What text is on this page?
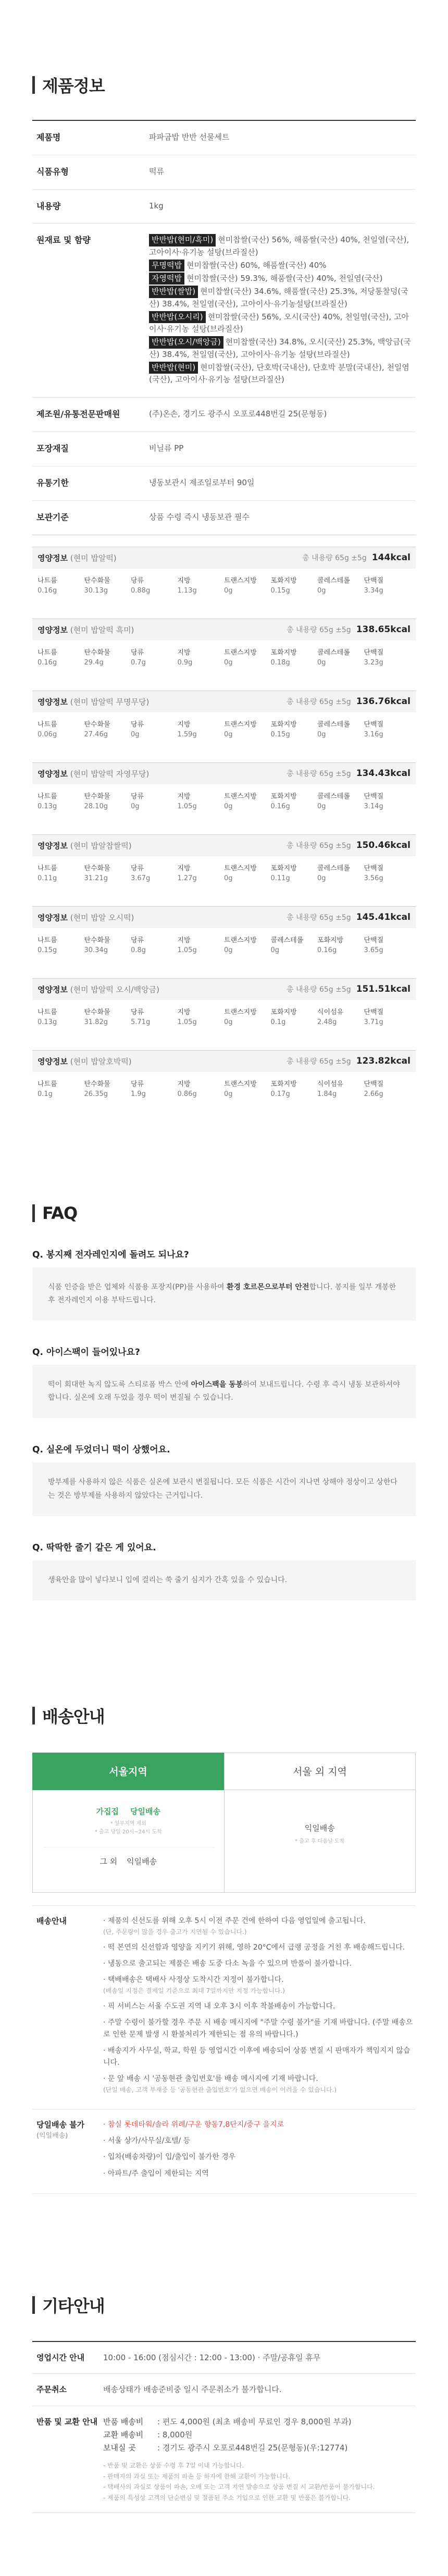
제품정보
제품명	파파굽밥 반반 선물세트
식품유형	떡류
내용량	1kg
원재료 및 함량	반반밥(현미/흑미) 현미찹쌀(국산) 56%, 해품쌀(국산) 40%, 천일염(국산), 고아이사·유기농 설탕(브라질산)
무명떡밥 현미찹쌀(국산) 60%, 해품쌀(국산) 40%
자영떡밥 현미찹쌀(국산) 59.3%, 해품쌀(국산) 40%, 천일염(국산)
반반밥(쌀밥) 현미찹쌀(국산) 34.6%, 해품쌀(국산) 25.3%, 저당통찰덩(국산) 38.4%, 천일염(국산), 고아이사·유기농설탕(브라질산)
반반밥(오시리) 현미찹쌀(국산) 56%, 오시(국산) 40%, 천일염(국산), 고아이사·유기농 설탕(브라질산)
반반밥(오시/백앙금) 현미찹쌀(국산) 34.8%, 오시(국산) 25.3%, 백앙금(국산) 38.4%, 천일염(국산), 고아이사·유기농 설탕(브라질산)
반반밥(현미) 현미찹쌀(국산), 단호박(국내산), 단호박 분말(국내산), 천일염(국산), 고아이사·유기농 설탕(브라질산)
제조원/유통전문판매원	(주)온손, 경기도 광주시 오포로448번길 25(문형동)
포장재질	비닐류 PP
유통기한	냉동보관시 제조일로부터 90일
보관기준	상품 수령 즉시 냉동보관 필수
영양정보 (현미 밥알떡)	총 내용량 65g ±5g 144kcal
나트륨	탄수화물	당류	지방	트랜스지방	포화지방	콜레스테롤	단백질
0.16g	30.13g	0.88g	1.13g	0g	0.15g	0g	3.34g
영양정보 (현미 밥알떡 흑미)	총 내용량 65g ±5g 138.65kcal
나트륨	탄수화물	당류	지방	트랜스지방	포화지방	콜레스테롤	단백질
0.16g	29.4g	0.7g	0.9g	0g	0.18g	0g	3.23g
영양정보 (현미 밥알떡 무명무당)	총 내용량 65g ±5g 136.76kcal
나트륨	탄수화물	당류	지방	트랜스지방	포화지방	콜레스테롤	단백질
0.06g	27.46g	0g	1.59g	0g	0.15g	0g	3.16g
영양정보 (현미 밥알떡 자영무당)	총 내용량 65g ±5g 134.43kcal
나트륨	탄수화물	당류	지방	트랜스지방	포화지방	콜레스테롤	단백질
0.13g	28.10g	0g	1.05g	0g	0.16g	0g	3.14g
영양정보 (현미 밥알찹쌀떡)	총 내용량 65g ±5g 150.46kcal
나트륨	탄수화물	당류	지방	트랜스지방	포화지방	콜레스테롤	단백질
0.11g	31.21g	3.67g	1.27g	0g	0.11g	0g	3.56g
영양정보 (현미 밥알 오시떡)	총 내용량 65g ±5g 145.41kcal
나트륨	탄수화물	당류	지방	트랜스지방	콜레스테롤	포화지방	단백질
0.15g	30.34g	0.8g	1.05g	0g	0g	0.16g	3.65g
영양정보 (현미 밥알떡 오시/백앙금)	총 내용량 65g ±5g 151.51kcal
나트륨	탄수화물	당류	지방	트랜스지방	포화지방	식이섬유	단백질
0.13g	31.82g	5.71g	1.05g	0g	0.1g	2.48g	3.71g
영양정보 (현미 밥알호박떡)	총 내용량 65g ±5g 123.82kcal
나트륨	탄수화물	당류	지방	트랜스지방	포화지방	식이섬유	단백질
0.1g	26.35g	1.9g	0.86g	0g	0.17g	1.84g	2.66g
FAQ
Q. 봉지째 전자레인지에 돌려도 되나요?
식품 인증을 받은 업체와 식품용 포장지(PP)를 사용하여 환경 호르몬으로부터 안전합니다. 봉지를 일부 개봉한 후 전자레인지 이용 부탁드립니다.
Q. 아이스팩이 들어있나요?
떡이 회대한 녹지 않도록 스티로폼 박스 안에 아이스팩을 동봉하여 보내드립니다. 수령 후 즉시 냉동 보관하셔야 합니다. 실온에 오래 두었을 경우 떡이 변질될 수 있습니다.
Q. 실온에 두었더니 떡이 상했어요.
방부제를 사용하지 않은 식품은 실온에 보관시 변질됩니다. 모든 식품은 시간이 지나면 상해야 정상이고 상한다는 것은 방부제를 사용하지 않았다는 근거입니다.
Q. 딱딱한 줄기 같은 게 있어요.
생육안을 많이 넣다보니 입에 걸리는 쑥 줄기 심지가 간혹 있을 수 있습니다.
배송안내
서울지역	서울 외 지역
가집집 당일배송
* 일부지역 제외
* 출고 당일 20시~24시 도착
그 외 익일배송
익일배송
* 출고 후 다음날 도착
배송안내	· 제품의 신선도를 위해 오후 5시 이전 주문 건에 한하여 다음 영업일에 출고됩니다.
(단, 주문량이 많을 경우 출고가 지연될 수 있습니다.)
· 떡 본연의 신선함과 영양을 지키기 위해, 영하 20°C에서 급랭 공정을 거친 후 배송해드립니다.
· 냉동으로 출고되는 제품은 배송 도중 다소 녹을 수 있으며 반품이 불가합니다.
· 택배배송은 택배사 사정상 도착시간 지정이 불가합니다.
(배송일 지정은 결제일 기준으로 최대 7일까지만 지정 가능합니다.)
· 픽 서비스는 서울 수도권 지역 내 오후 3시 이후 착불배송이 가능합니다.
· 주말 수령이 불가할 경우 주문 시 배송 메시지에 "주말 수령 불가"를 기재 바랍니다. (주말 배송으로 인한 문제 발생 시 환불처리가 제한되는 점 유의 바랍니다.)
· 배송지가 사무실, 학교, 학원 등 영업시간 이후에 배송되어 상품 변질 시 판매자가 책임지지 않습니다.
· 문 앞 배송 시 '공동현관 출입번호'를 배송 메시지에 기재 바랍니다.
(단일 배송, 고객 부재중 등 '공동현관 출입번호'가 없으면 배송이 어려울 수 있습니다.)
당일배송 불가
(익일배송)
· 참실 롯데타워/솔라 위례/구운 향동7,8단지/중구 을지로
· 서울 상가/사무실/호텔/ 등
· 입차(배송차량)이 입/출입이 불가한 경우
· 아파트/주 출입이 제한되는 지역
기타안내
영업시간 안내	10:00 - 16:00 (점심시간 : 12:00 - 13:00) · 주말/공휴일 휴무
주문취소	배송상태가 배송준비중 일시 주문취소가 불가합니다.
반품 및 교환 안내 반품 배송비	: 편도 4,000원 (최초 배송비 무료인 경우 8,000원 부과)
교환 배송비	: 8,000원
보내실 곳	: 경기도 광주시 오포로448번길 25(문형동)(우:12774)
- 반품 및 교환은 상품 수령 후 7일 이내 가능합니다.
- 판매자의 과실 또는 제품의 파손 등 하자에 한해 교환이 가능합니다.
- 택배사의 과실로 상품이 파손, 오배 또는 고객 지연 발송으로 상품 변질 시 교환/반품이 불가합니다.
- 제품의 특성상 고객의 단순변심 및 절품된 주소 기입으로 인한 교환 및 반품은 불가합니다.
